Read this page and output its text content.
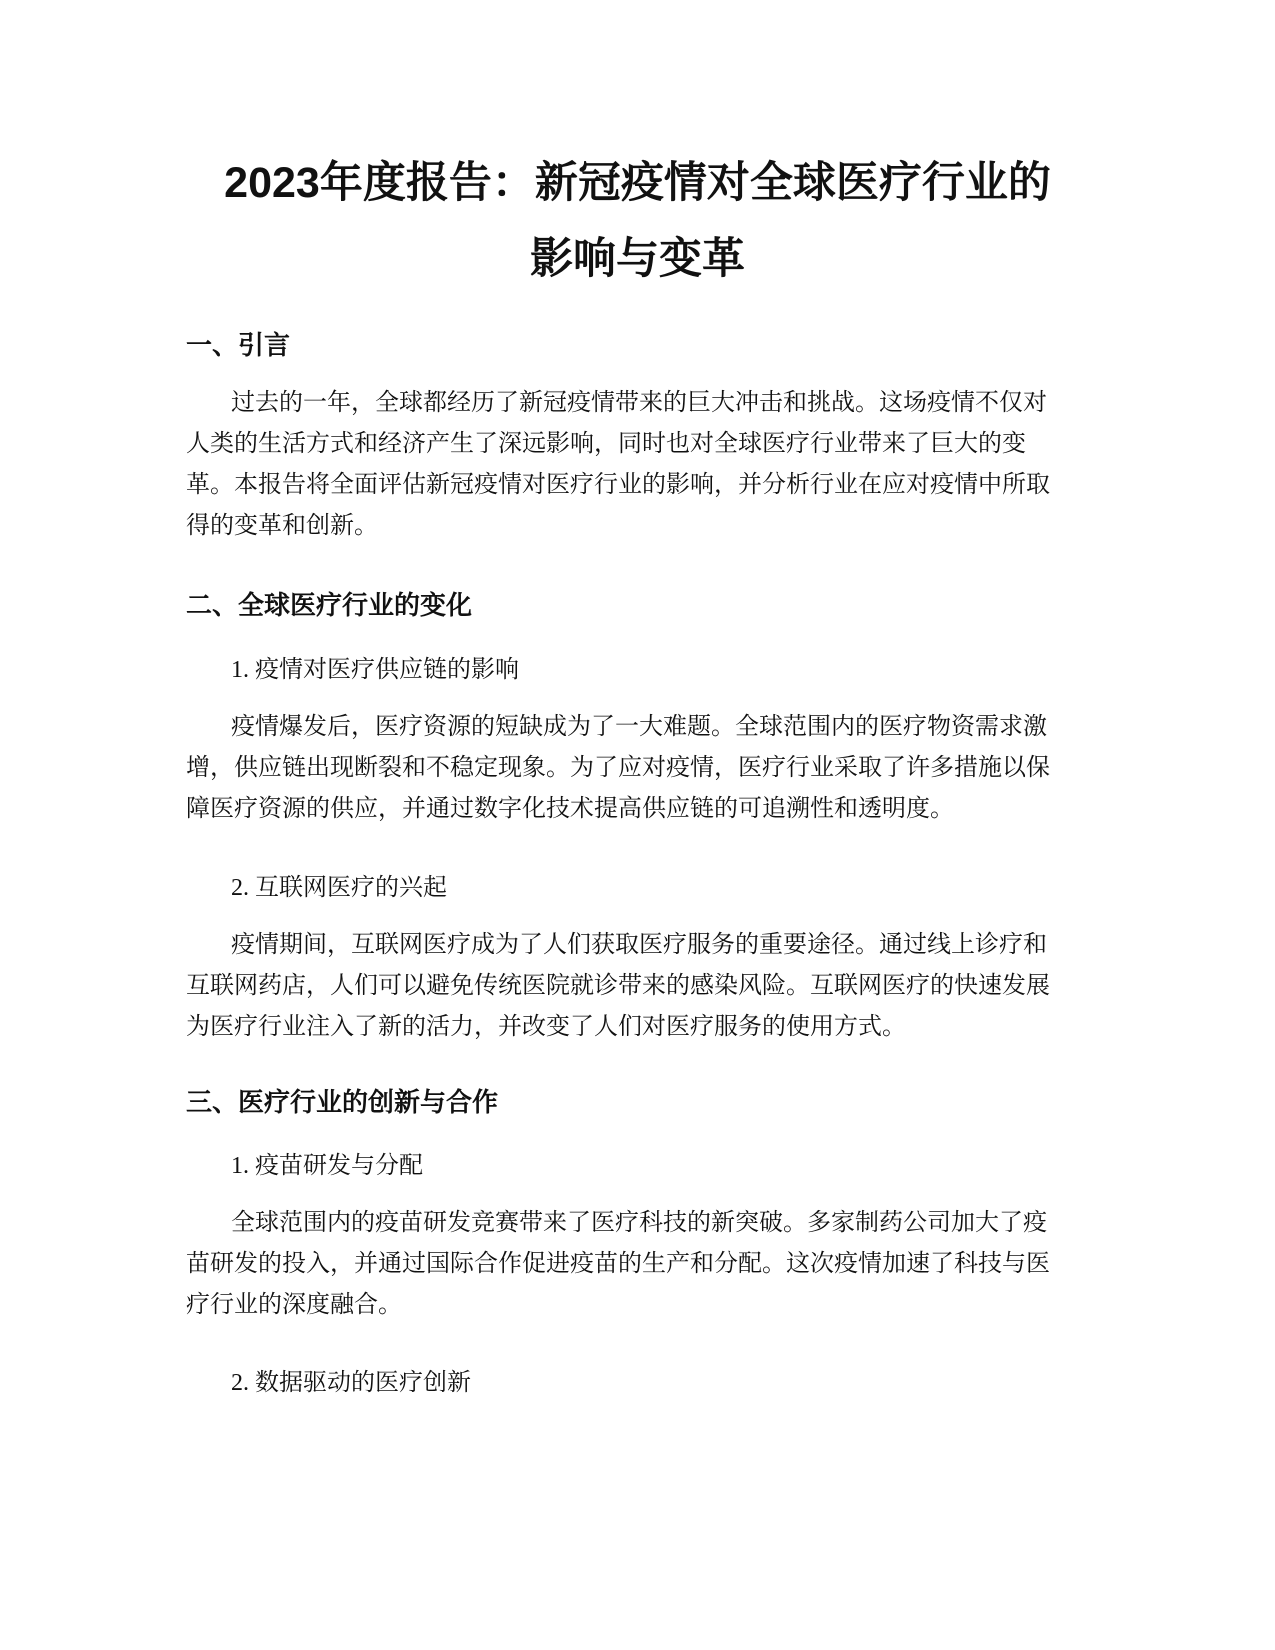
2023年度报告：新冠疫情对全球医疗行业的
影响与变革
一、引言
过去的一年，全球都经历了新冠疫情带来的巨大冲击和挑战。这场疫情不仅对
人类的生活方式和经济产生了深远影响，同时也对全球医疗行业带来了巨大的变
革。本报告将全面评估新冠疫情对医疗行业的影响，并分析行业在应对疫情中所取
得的变革和创新。
二、全球医疗行业的变化

1. 疫情对医疗供应链的影响

疫情爆发后，医疗资源的短缺成为了一大难题。全球范围内的医疗物资需求激
增，供应链出现断裂和不稳定现象。为了应对疫情，医疗行业采取了许多措施以保
障医疗资源的供应，并通过数字化技术提高供应链的可追溯性和透明度。

2. 互联网医疗的兴起

疫情期间，互联网医疗成为了人们获取医疗服务的重要途径。通过线上诊疗和
互联网药店，人们可以避免传统医院就诊带来的感染风险。互联网医疗的快速发展
为医疗行业注入了新的活力，并改变了人们对医疗服务的使用方式。
三、医疗行业的创新与合作

1. 疫苗研发与分配

全球范围内的疫苗研发竞赛带来了医疗科技的新突破。多家制药公司加大了疫
苗研发的投入，并通过国际合作促进疫苗的生产和分配。这次疫情加速了科技与医
疗行业的深度融合。

2. 数据驱动的医疗创新
